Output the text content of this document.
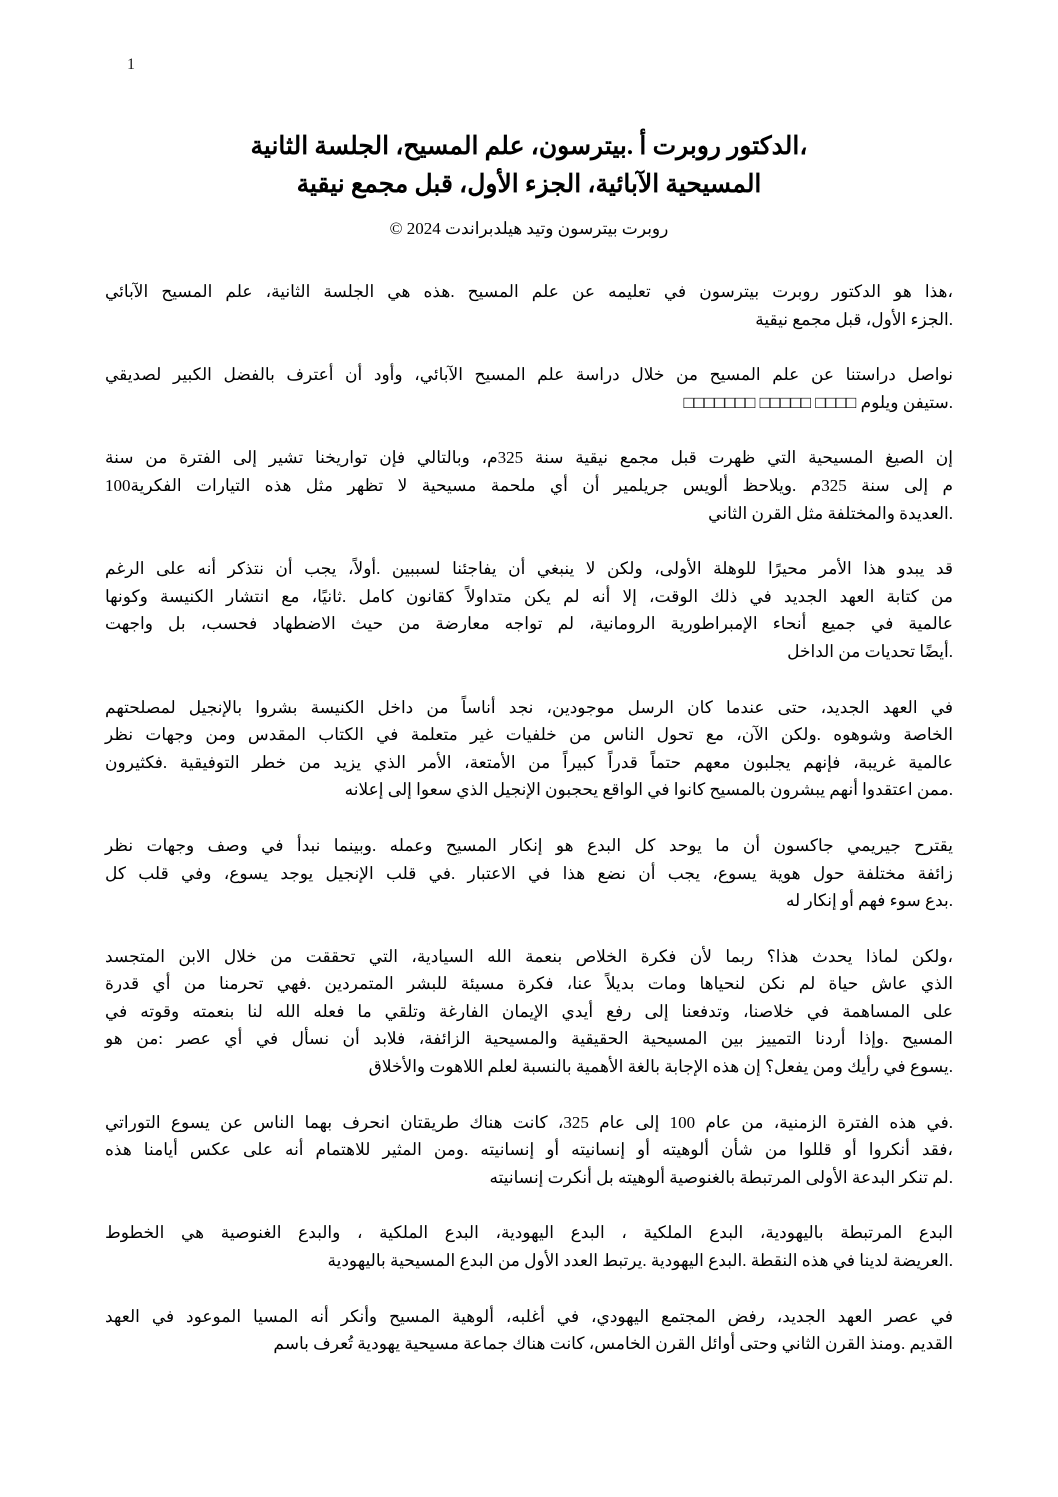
1
،الدكتور روبرت أ .بيترسون، علم المسيح، الجلسة الثانية
المسيحية الآبائية، الجزء الأول، قبل مجمع نيقية
روبرت بيترسون وتيد هيلدبراندت 2024 ©
،هذا هو الدكتور روبرت بيترسون في تعليمه عن علم المسيح .هذه هي الجلسة الثانية، علم المسيح الآبائي
.الجزء الأول، قبل مجمع نيقية
نواصل دراستنا عن علم المسيح من خلال دراسة علم المسيح الآبائي، وأود أن أعترف بالفضل الكبير لصديقي
.ستيفن ويلوم □□□□ □□□□□ □□□□□□□
إن الصيغ المسيحية التي ظهرت قبل مجمع نيقية سنة 325م، وبالتالي فإن تواريخنا تشير إلى الفترة من سنة
م إلى سنة 325م .ويلاحظ ألويس جريلمير أن أي ملحمة مسيحية لا تظهر مثل هذه التيارات الفكرية100
.العديدة والمختلفة مثل القرن الثاني
قد يبدو هذا الأمر محيرًا للوهلة الأولى، ولكن لا ينبغي أن يفاجئنا لسببين .أولاً، يجب أن نتذكر أنه على الرغم
من كتابة العهد الجديد في ذلك الوقت، إلا أنه لم يكن متداولاً كقانون كامل .ثانيًا، مع انتشار الكنيسة وكونها
عالمية في جميع أنحاء الإمبراطورية الرومانية، لم تواجه معارضة من حيث الاضطهاد فحسب، بل واجهت
.أيضًا تحديات من الداخل
في العهد الجديد، حتى عندما كان الرسل موجودين، نجد أناساً من داخل الكنيسة بشروا بالإنجيل لمصلحتهم
الخاصة وشوهوه .ولكن الآن، مع تحول الناس من خلفيات غير متعلمة في الكتاب المقدس ومن وجهات نظر
عالمية غريبة، فإنهم يجلبون معهم حتماً قدراً كبيراً من الأمتعة، الأمر الذي يزيد من خطر التوفيقية .فكثيرون
.ممن اعتقدوا أنهم يبشرون بالمسيح كانوا في الواقع يحجبون الإنجيل الذي سعوا إلى إعلانه
يقترح جيريمي جاكسون أن ما يوحد كل البدع هو إنكار المسيح وعمله .وبينما نبدأ في وصف وجهات نظر
زائفة مختلفة حول هوية يسوع، يجب أن نضع هذا في الاعتبار .في قلب الإنجيل يوجد يسوع، وفي قلب كل
.بدع سوء فهم أو إنكار له
،ولكن لماذا يحدث هذا؟ ربما لأن فكرة الخلاص بنعمة الله السيادية، التي تحققت من خلال الابن المتجسد
الذي عاش حياة لم نكن لنحياها ومات بديلاً عنا، فكرة مسيئة للبشر المتمردين .فهي تحرمنا من أي قدرة
على المساهمة في خلاصنا، وتدفعنا إلى رفع أيدي الإيمان الفارغة وتلقي ما فعله الله لنا بنعمته وقوته في
المسيح .وإذا أردنا التمييز بين المسيحية الحقيقية والمسيحية الزائفة، فلابد أن نسأل في أي عصر :من هو
.يسوع في رأيك ومن يفعل؟ إن هذه الإجابة بالغة الأهمية بالنسبة لعلم اللاهوت والأخلاق
.في هذه الفترة الزمنية، من عام 100 إلى عام 325، كانت هناك طريقتان انحرف بهما الناس عن يسوع التوراتي
،فقد أنكروا أو قللوا من شأن ألوهيته أو إنسانيته أو إنسانيته .ومن المثير للاهتمام أنه على عكس أيامنا هذه
.لم تنكر البدعة الأولى المرتبطة بالغنوصية ألوهيته بل أنكرت إنسانيته
البدع المرتبطة باليهودية، البدع الملكية ، البدع اليهودية، البدع الملكية ، والبدع الغنوصية هي الخطوط
.العريضة لدينا في هذه النقطة .البدع اليهودية .يرتبط العدد الأول من البدع المسيحية باليهودية
في عصر العهد الجديد، رفض المجتمع اليهودي، في أغلبه، ألوهية المسيح وأنكر أنه المسيا الموعود في العهد
القديم .ومنذ القرن الثاني وحتى أوائل القرن الخامس، كانت هناك جماعة مسيحية يهودية تُعرف باسم
